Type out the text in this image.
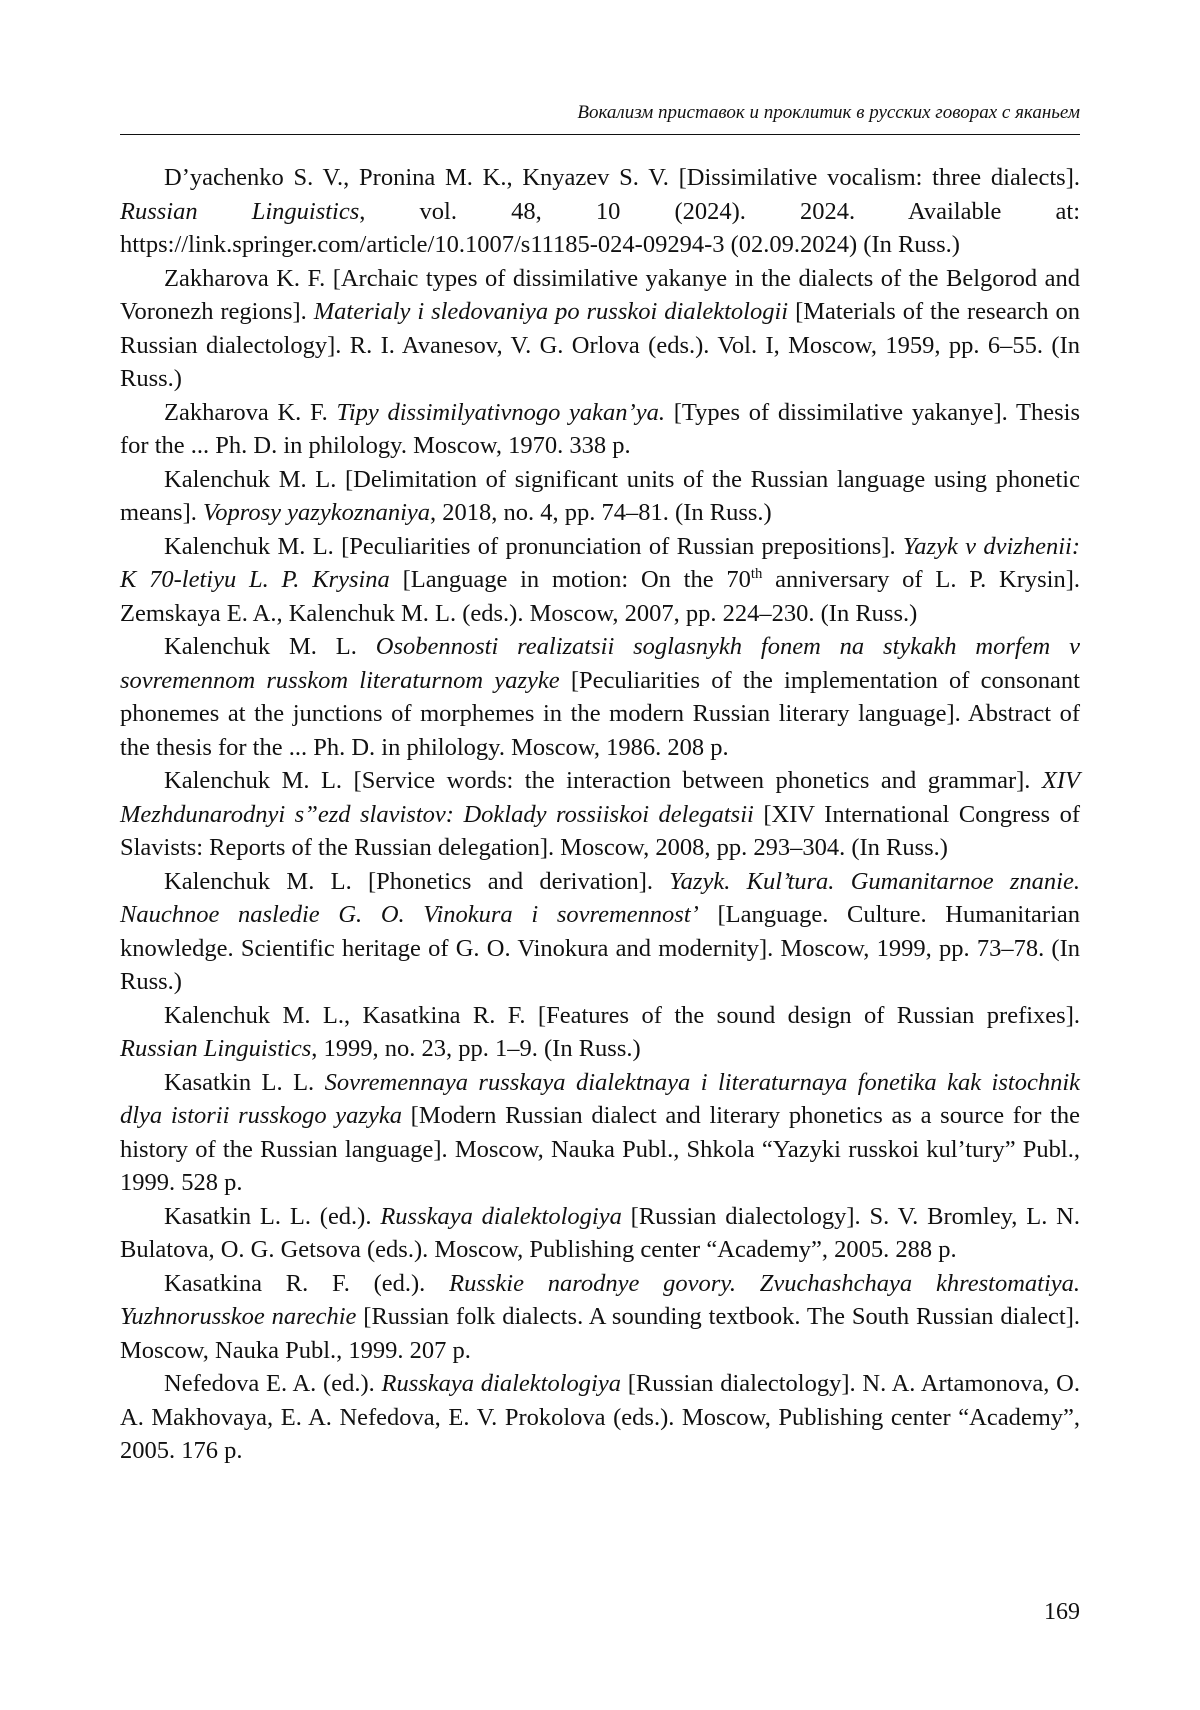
Вокализм приставок и проклитик в русских говорах с яканьем

D’yachenko S. V., Pronina M. K., Knyazev S. V. [Dissimilative vocalism: three dialects]. Russian Linguistics, vol. 48, 10 (2024). 2024. Available at: https://link.springer.com/article/10.1007/s11185-024-09294-3 (02.09.2024) (In Russ.)

Zakharova K. F. [Archaic types of dissimilative yakanye in the dialects of the Belgorod and Voronezh regions]. Materialy i sledovaniya po russkoi dialektologii [Materials of the research on Russian dialectology]. R. I. Avanesov, V. G. Orlova (eds.). Vol. I, Moscow, 1959, pp. 6–55. (In Russ.)

Zakharova K. F. Tipy dissimilyativnogo yakan’ya. [Types of dissimilative yakanye]. Thesis for the ... Ph. D. in philology. Moscow, 1970. 338 p.

Kalenchuk M. L. [Delimitation of significant units of the Russian language using phonetic means]. Voprosy yazykoznaniya, 2018, no. 4, pp. 74–81. (In Russ.)

Kalenchuk M. L. [Peculiarities of pronunciation of Russian prepositions]. Yazyk v dvizhenii: K 70-letiyu L. P. Krysina [Language in motion: On the 70th anniversary of L. P. Krysin]. Zemskaya E. A., Kalenchuk M. L. (eds.). Moscow, 2007, pp. 224–230. (In Russ.)

Kalenchuk M. L. Osobennosti realizatsii soglasnykh fonem na stykakh morfem v sovremennom russkom literaturnom yazyke [Peculiarities of the implementation of consonant phonemes at the junctions of morphemes in the modern Russian literary language]. Abstract of the thesis for the ... Ph. D. in philology. Moscow, 1986. 208 p.

Kalenchuk M. L. [Service words: the interaction between phonetics and grammar]. XIV Mezhdunarodnyi s”ezd slavistov: Doklady rossiiskoi delegatsii [XIV International Congress of Slavists: Reports of the Russian delegation]. Moscow, 2008, pp. 293–304. (In Russ.)

Kalenchuk M. L. [Phonetics and derivation]. Yazyk. Kul’tura. Gumanitarnoe znanie. Nauchnoe nasledie G. O. Vinokura i sovremennost’ [Language. Culture. Humanitarian knowledge. Scientific heritage of G. O. Vinokura and modernity]. Moscow, 1999, pp. 73–78. (In Russ.)

Kalenchuk M. L., Kasatkina R. F. [Features of the sound design of Russian prefixes]. Russian Linguistics, 1999, no. 23, pp. 1–9. (In Russ.)

Kasatkin L. L. Sovremennaya russkaya dialektnaya i literaturnaya fonetika kak istochnik dlya istorii russkogo yazyka [Modern Russian dialect and literary phonetics as a source for the history of the Russian language]. Moscow, Nauka Publ., Shkola “Yazyki russkoi kul’tury” Publ., 1999. 528 p.

Kasatkin L. L. (ed.). Russkaya dialektologiya [Russian dialectology]. S. V. Bromley, L. N. Bulatova, O. G. Getsova (eds.). Moscow, Publishing center “Academy”, 2005. 288 p.

Kasatkina R. F. (ed.). Russkie narodnye govory. Zvuchashchaya khrestomatiya. Yuzhnorusskoe narechie [Russian folk dialects. A sounding textbook. The South Russian dialect]. Moscow, Nauka Publ., 1999. 207 p.

Nefedova E. A. (ed.). Russkaya dialektologiya [Russian dialectology]. N. A. Artamonova, O. A. Makhovaya, E. A. Nefedova, E. V. Prokolova (eds.). Moscow, Publishing center “Academy”, 2005. 176 p.

169
